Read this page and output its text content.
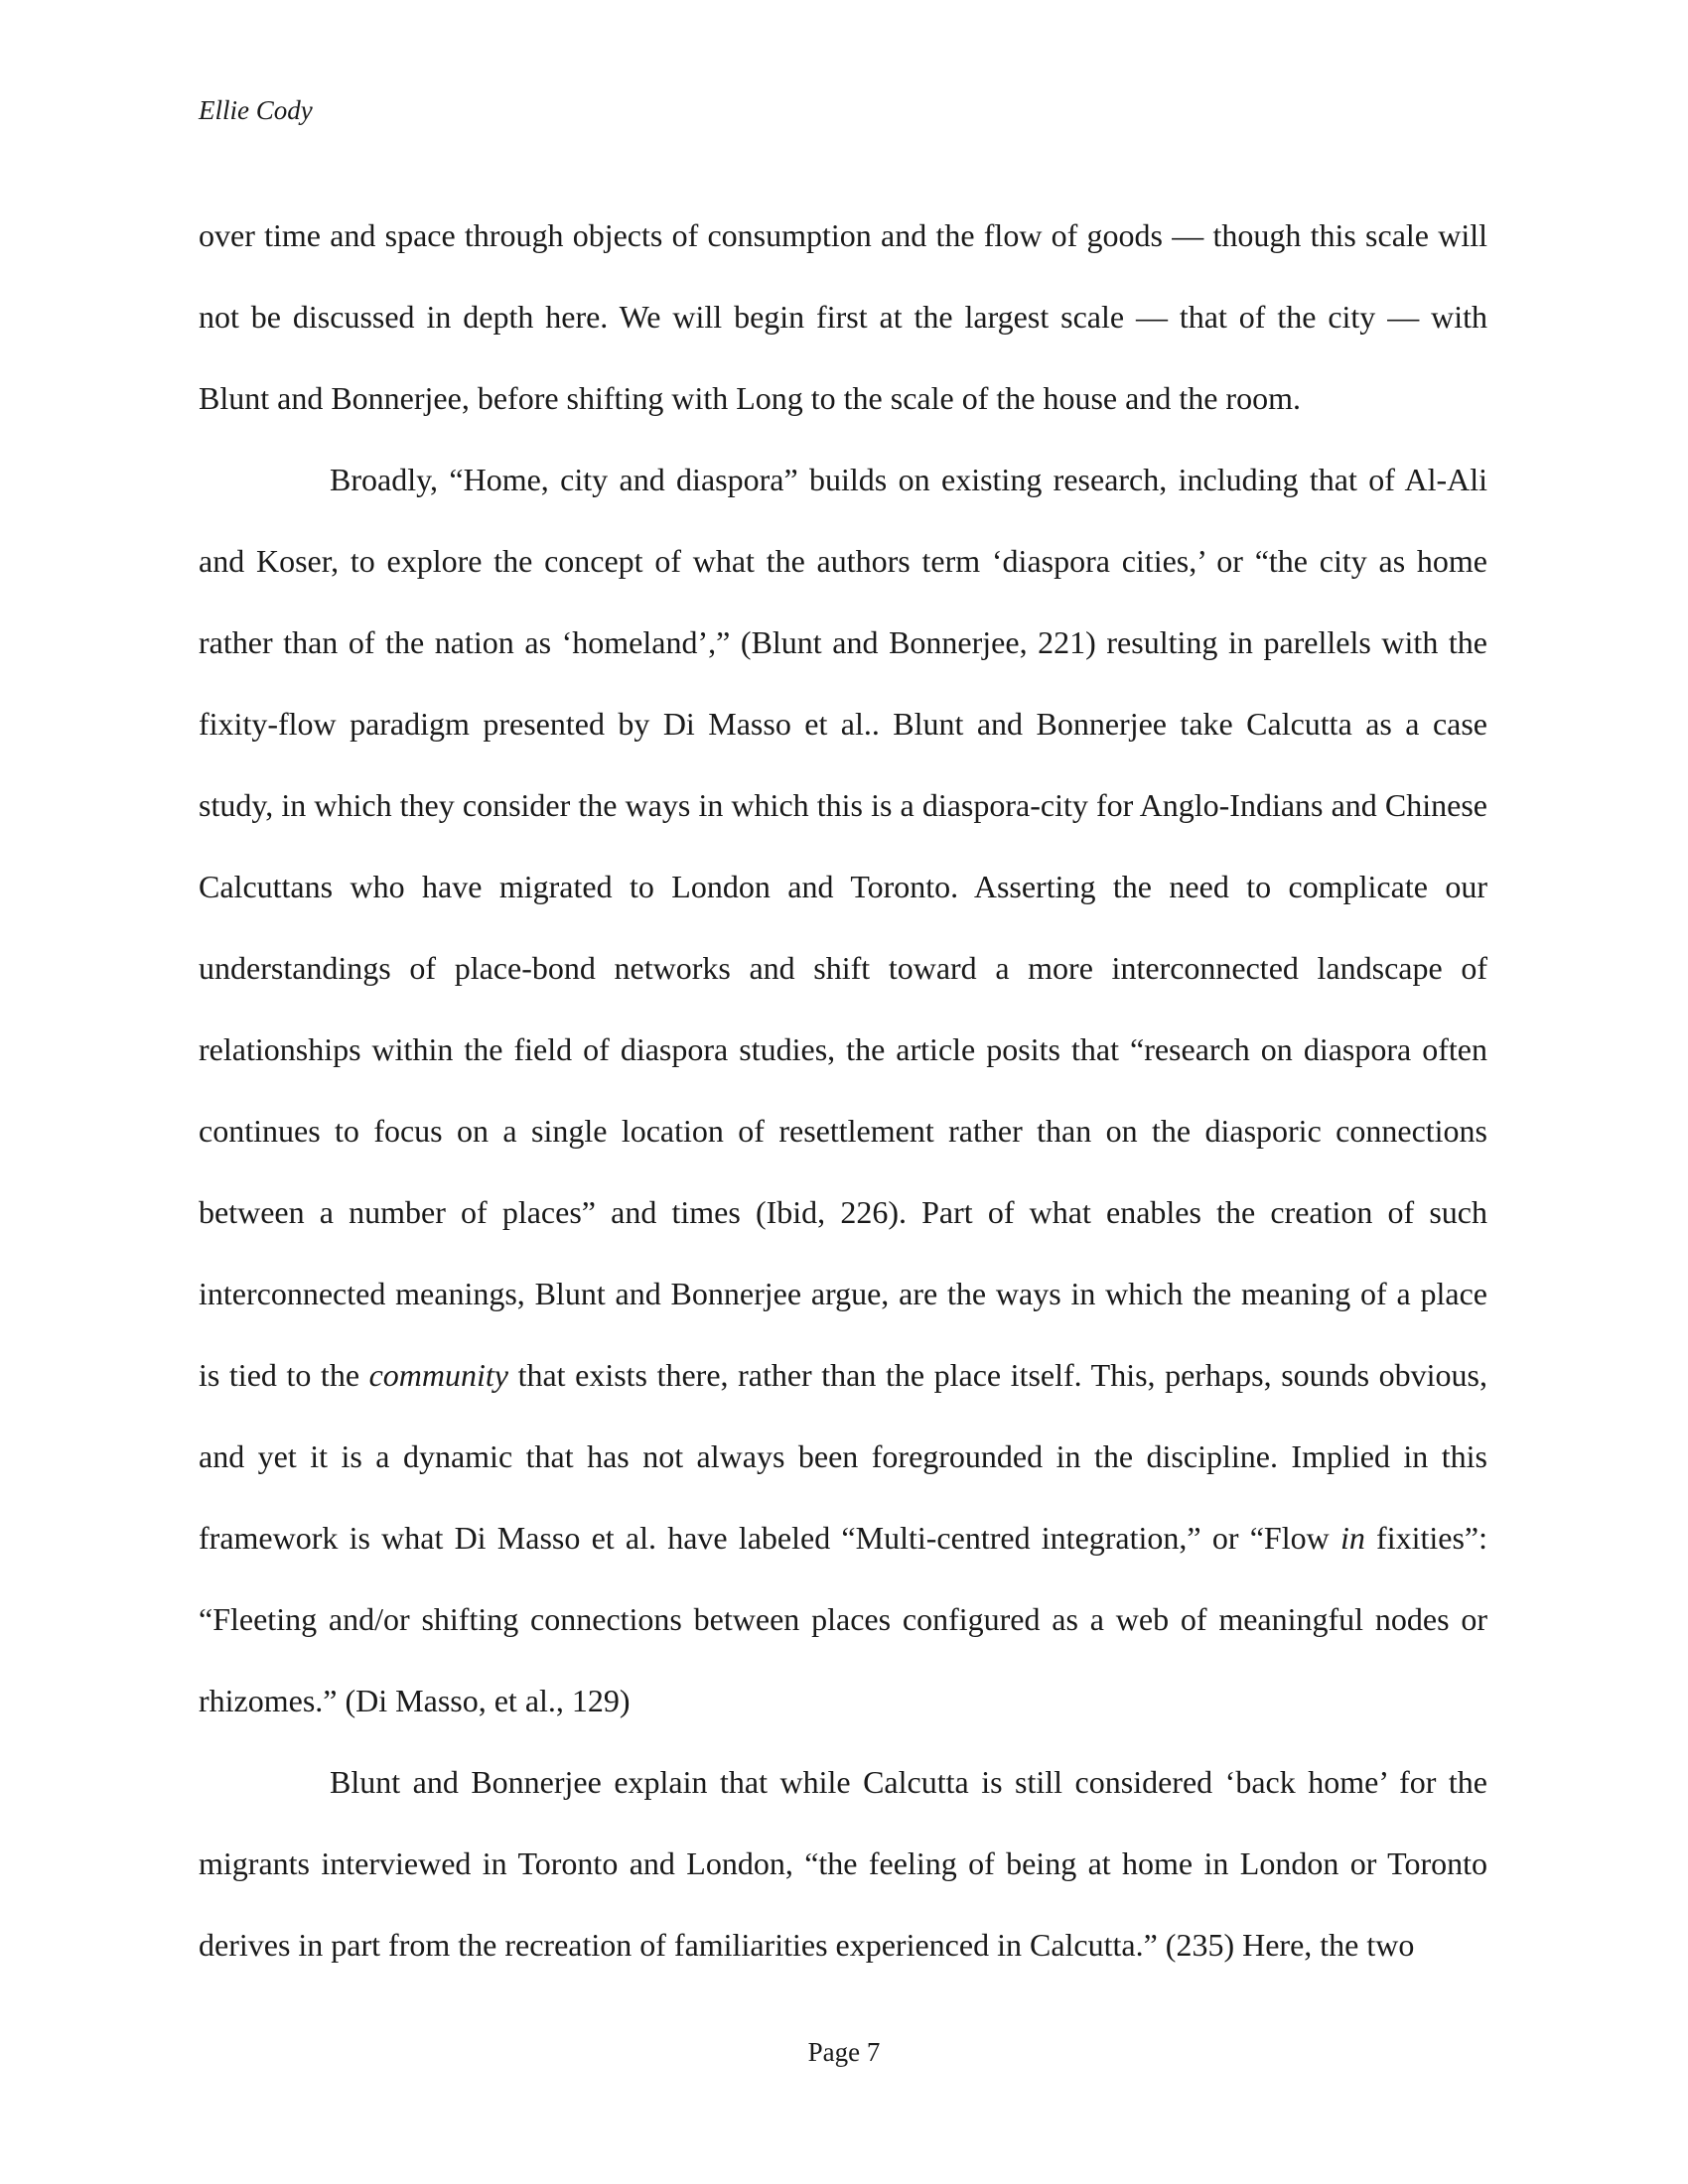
Ellie Cody

over time and space through objects of consumption and the flow of goods — though this scale will not be discussed in depth here. We will begin first at the largest scale — that of the city — with Blunt and Bonnerjee, before shifting with Long to the scale of the house and the room.

Broadly, “Home, city and diaspora” builds on existing research, including that of Al-Ali and Koser, to explore the concept of what the authors term ‘diaspora cities,’ or “the city as home rather than of the nation as ‘homeland’,” (Blunt and Bonnerjee, 221) resulting in parellels with the fixity-flow paradigm presented by Di Masso et al.. Blunt and Bonnerjee take Calcutta as a case study, in which they consider the ways in which this is a diaspora-city for Anglo-Indians and Chinese Calcuttans who have migrated to London and Toronto. Asserting the need to complicate our understandings of place-bond networks and shift toward a more interconnected landscape of relationships within the field of diaspora studies, the article posits that “research on diaspora often continues to focus on a single location of resettlement rather than on the diasporic connections between a number of places” and times (Ibid, 226). Part of what enables the creation of such interconnected meanings, Blunt and Bonnerjee argue, are the ways in which the meaning of a place is tied to the community that exists there, rather than the place itself. This, perhaps, sounds obvious, and yet it is a dynamic that has not always been foregrounded in the discipline. Implied in this framework is what Di Masso et al. have labeled “Multi-centred integration,” or “Flow in fixities”: “Fleeting and/or shifting connections between places configured as a web of meaningful nodes or rhizomes.” (Di Masso, et al., 129)

Blunt and Bonnerjee explain that while Calcutta is still considered ‘back home’ for the migrants interviewed in Toronto and London, “the feeling of being at home in London or Toronto derives in part from the recreation of familiarities experienced in Calcutta.” (235) Here, the two

Page 7
